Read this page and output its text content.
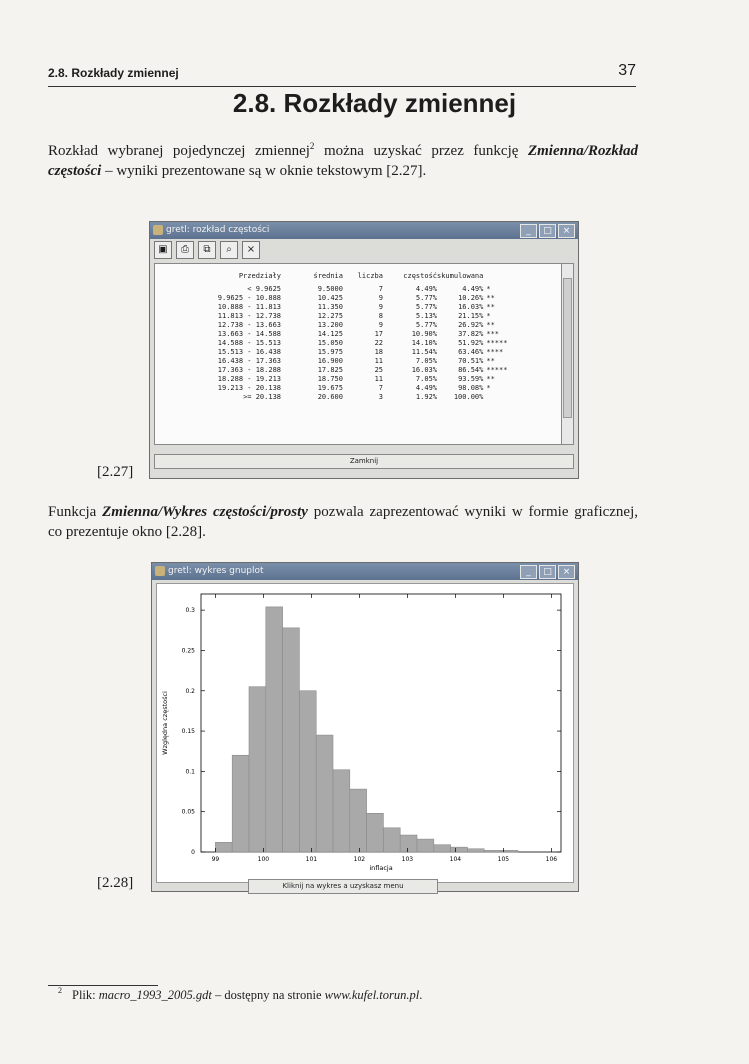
2.8. Rozkłady zmiennej	37
2.8. Rozkłady zmiennej
Rozkład wybranej pojedynczej zmiennej$^2$ można uzyskać przez funkcję Zmienna/Rozkład częstości – wyniki prezentowane są w oknie tekstowym [2.27].
gretl: rozkład częstości	_	□	×
▣	⎙	⧉	⌕	×
Przedziały	średnia	liczba	częstość	skumulowana	
< 9.9625	9.5000	7	4.49%	4.49%	*
9.9625 - 10.888	10.425	9	5.77%	10.26%	**
10.888 - 11.813	11.350	9	5.77%	16.03%	**
11.813 - 12.738	12.275	8	5.13%	21.15%	*
12.738 - 13.663	13.200	9	5.77%	26.92%	**
13.663 - 14.588	14.125	17	10.90%	37.82%	***
14.588 - 15.513	15.050	22	14.10%	51.92%	*****
15.513 - 16.438	15.975	18	11.54%	63.46%	****
16.438 - 17.363	16.900	11	7.05%	70.51%	**
17.363 - 18.288	17.825	25	16.03%	86.54%	*****
18.288 - 19.213	18.750	11	7.05%	93.59%	**
19.213 - 20.138	19.675	7	4.49%	98.08%	*
>= 20.138	20.600	3	1.92%	100.00%	
Zamknij
[2.27]
Funkcja Zmienna/Wykres częstości/prosty pozwala zaprezentować wyniki w formie graficznej, co prezentuje okno [2.28].
gretl: wykres gnuplot	_	□	×
0
0.05
0.1
0.15
0.2
0.25
0.3
99	100	101	102	103	104	105	106
inflacja
Względna częstości
Kliknij na wykres a uzyskasz menu
[2.28]
2 Plik: macro_1993_2005.gdt – dostępny na stronie www.kufel.torun.pl.
